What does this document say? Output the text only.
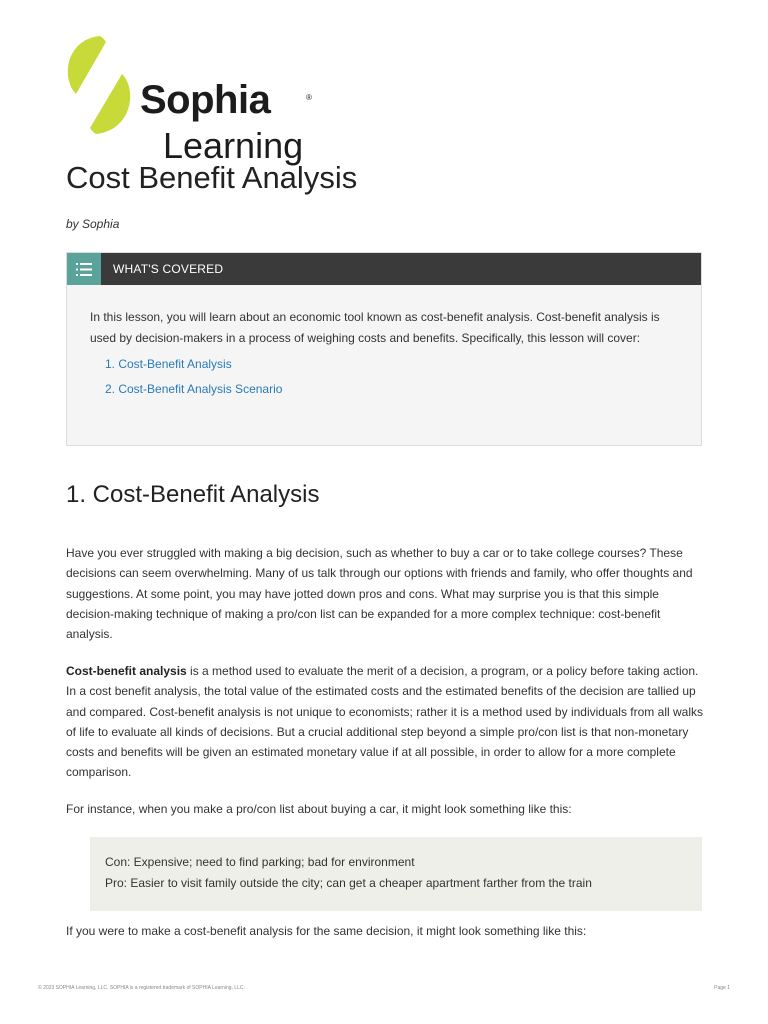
Sophia	®
Learning
Cost Benefit Analysis
by Sophia
WHAT'S COVERED
In this lesson, you will learn about an economic tool known as cost-benefit analysis. Cost-benefit analysis is used by decision-makers in a process of weighing costs and benefits. Specifically, this lesson will cover:
1. Cost-Benefit Analysis
2. Cost-Benefit Analysis Scenario
1. Cost-Benefit Analysis

Have you ever struggled with making a big decision, such as whether to buy a car or to take college courses? These decisions can seem overwhelming. Many of us talk through our options with friends and family, who offer thoughts and suggestions. At some point, you may have jotted down pros and cons. What may surprise you is that this simple decision-making technique of making a pro/con list can be expanded for a more complex technique: cost-benefit analysis.

Cost-benefit analysis is a method used to evaluate the merit of a decision, a program, or a policy before taking action. In a cost benefit analysis, the total value of the estimated costs and the estimated benefits of the decision are tallied up and compared. Cost-benefit analysis is not unique to economists; rather it is a method used by individuals from all walks of life to evaluate all kinds of decisions. But a crucial additional step beyond a simple pro/con list is that non-monetary costs and benefits will be given an estimated monetary value if at all possible, in order to allow for a more complete comparison.

For instance, when you make a pro/con list about buying a car, it might look something like this:

Con: Expensive; need to find parking; bad for environment
Pro: Easier to visit family outside the city; can get a cheaper apartment farther from the train

If you were to make a cost-benefit analysis for the same decision, it might look something like this:

© 2023 SOPHIA Learning, LLC. SOPHIA is a registered trademark of SOPHIA Learning, LLC.	Page 1
